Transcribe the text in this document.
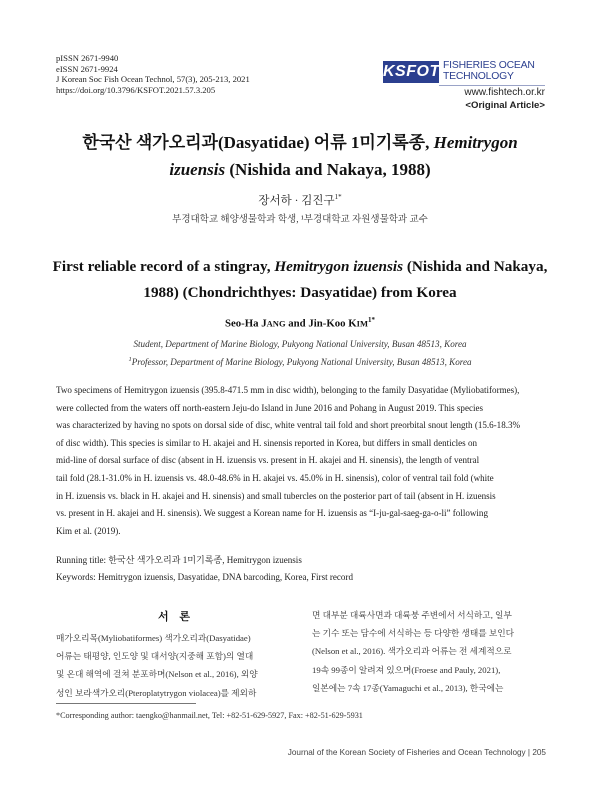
pISSN 2671-9940
eISSN 2671-9924
J Korean Soc Fish Ocean Technol, 57(3), 205-213, 2021
https://doi.org/10.3796/KSFOT.2021.57.3.205
KSFOT FISHERIES OCEAN
TECHNOLOGY
www.fishtech.or.kr
<Original Article>
한국산 색가오리과(Dasyatidae) 어류 1미기록종, Hemitrygon
izuensis (Nishida and Nakaya, 1988)
장서하 · 김진구$^{1*}$
부경대학교 해양생물학과 학생, ¹부경대학교 자원생물학과 교수
First reliable record of a stingray, Hemitrygon izuensis (Nishida and Nakaya,
1988) (Chondrichthyes: Dasyatidae) from Korea
Seo-Ha JANG and Jin-Koo $KIM^{1*}$
Student, Department of Marine Biology, Pukyong National University, Busan 48513, Korea
$^1$Professor, Department of Marine Biology, Pukyong National University, Busan 48513, Korea
Two specimens of Hemitrygon izuensis (395.8-471.5 mm in disc width), belonging to the family Dasyatidae (Myliobatiformes),
were collected from the waters off north-eastern Jeju-do Island in June 2016 and Pohang in August 2019. This species
was characterized by having no spots on dorsal side of disc, white ventral tail fold and short preorbital snout length (15.6-18.3%
of disc width). This species is similar to H. akajei and H. sinensis reported in Korea, but differs in small denticles on
mid-line of dorsal surface of disc (absent in H. izuensis vs. present in H. akajei and H. sinensis), the length of ventral
tail fold (28.1-31.0% in H. izuensis vs. 48.0-48.6% in H. akajei vs. 45.0% in H. sinensis), color of ventral tail fold (white
in H. izuensis vs. black in H. akajei and H. sinensis) and small tubercles on the posterior part of tail (absent in H. izuensis
vs. present in H. akajei and H. sinensis). We suggest a Korean name for H. izuensis as “I-ju-gal-saeg-ga-o-li” following
Kim et al. (2019).
Running title: 한국산 색가오리과 1미기록종, Hemitrygon izuensis
Keywords: Hemitrygon izuensis, Dasyatidae, DNA barcoding, Korea, First record
서 론
매가오리목(Myliobatiformes) 색가오리과(Dasyatidae)
어류는 태평양, 인도양 및 대서양(지중해 포함)의 열대
및 온대 해역에 걸쳐 분포하며(Nelson et al., 2016), 외양
성인 보라색가오리(Pteroplatytrygon violacea)를 제외하
면 대부분 대륙사면과 대륙붕 주변에서 서식하고, 일부
는 기수 또는 담수에 서식하는 등 다양한 생태를 보인다
(Nelson et al., 2016). 색가오리과 어류는 전 세계적으로
19속 99종이 알려져 있으며(Froese and Pauly, 2021),
일본에는 7속 17종(Yamaguchi et al., 2013), 한국에는
*Corresponding author: taengko@hanmail.net, Tel: +82-51-629-5927, Fax: +82-51-629-5931
Journal of the Korean Society of Fisheries and Ocean Technology | 205
